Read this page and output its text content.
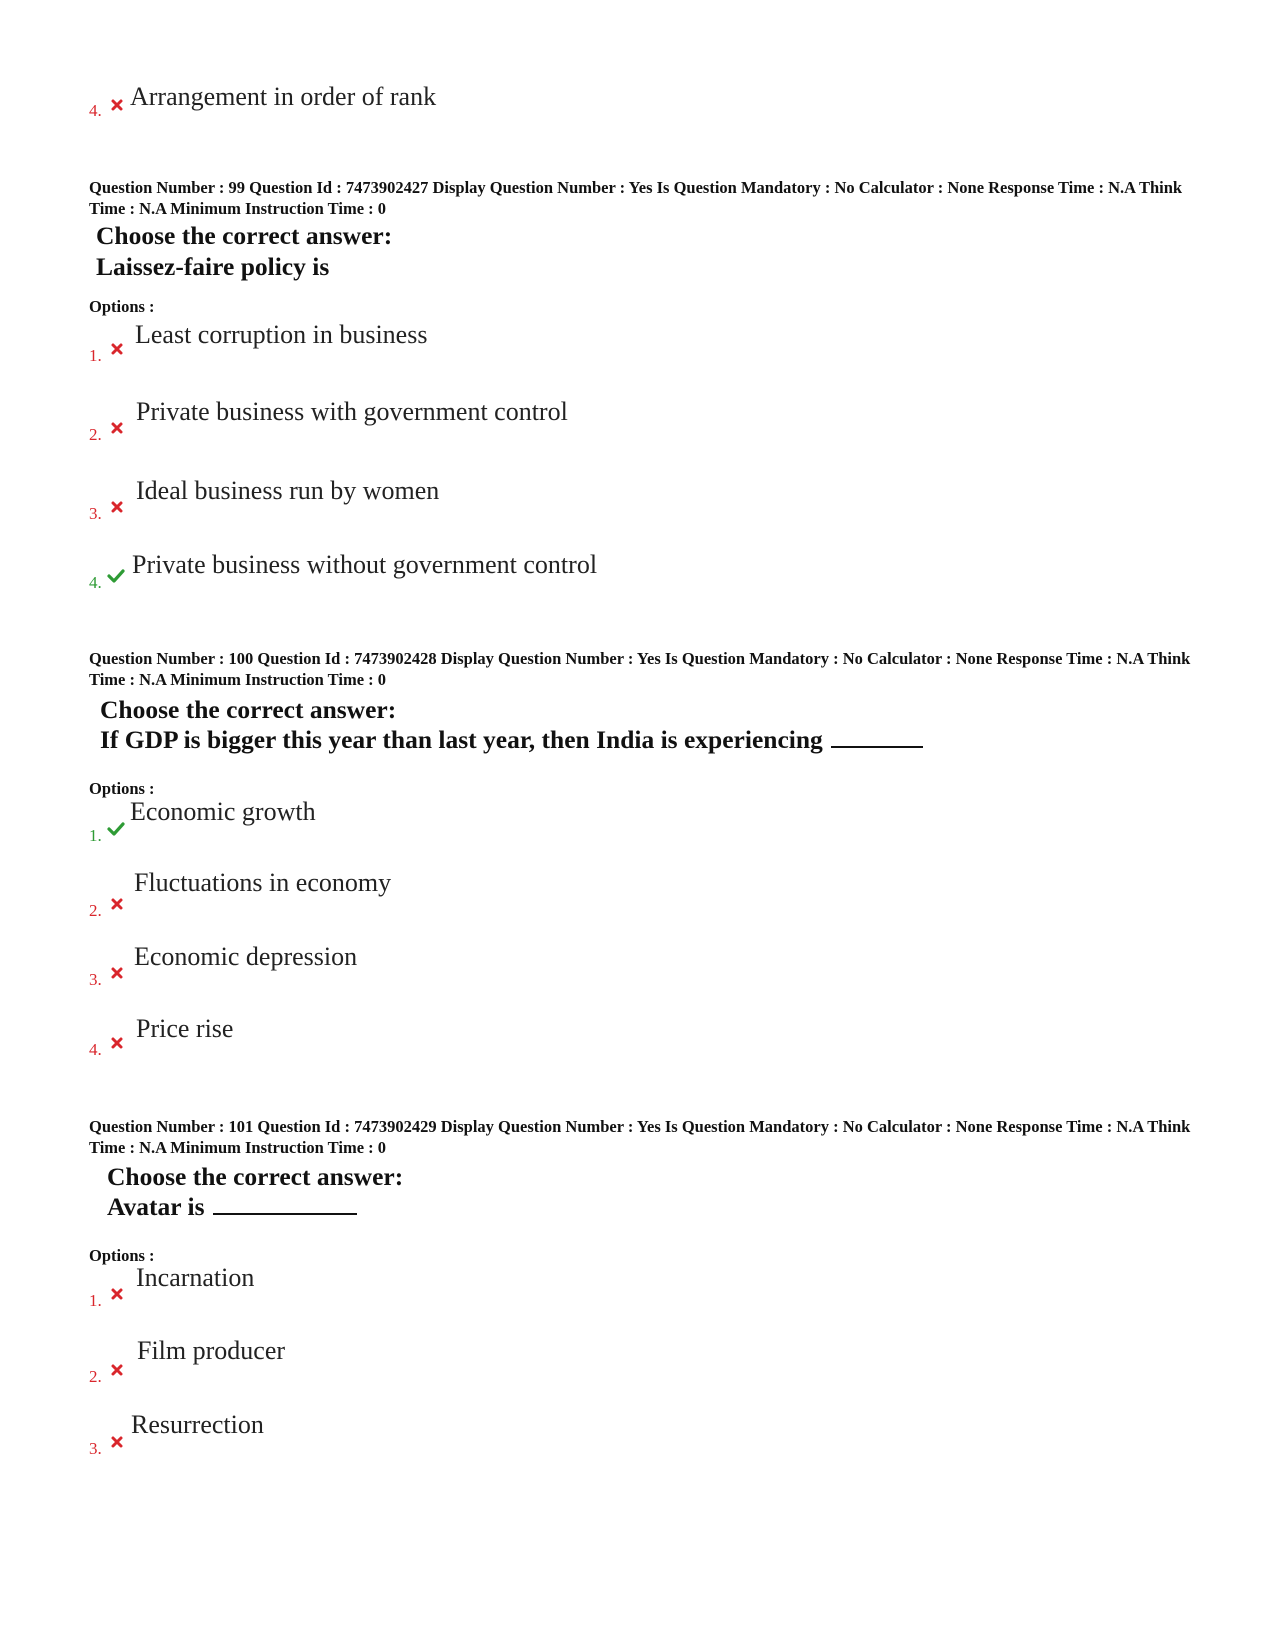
4. Arrangement in order of rank
Question Number : 99 Question Id : 7473902427 Display Question Number : Yes Is Question Mandatory : No Calculator : None Response Time : N.A Think Time : N.A Minimum Instruction Time : 0
Choose the correct answer:
Laissez-faire policy is
Options :
1.
Least corruption in business
2.
Private business with government control
3.
Ideal business run by women
4.
Private business without government control
Question Number : 100 Question Id : 7473902428 Display Question Number : Yes Is Question Mandatory : No Calculator : None Response Time : N.A Think Time : N.A Minimum Instruction Time : 0
Choose the correct answer:
If GDP is bigger this year than last year, then India is experiencing
Options :
1.
Economic growth
2.
Fluctuations in economy
3.
Economic depression
4.
Price rise
Question Number : 101 Question Id : 7473902429 Display Question Number : Yes Is Question Mandatory : No Calculator : None Response Time : N.A Think Time : N.A Minimum Instruction Time : 0
Choose the correct answer:
Avatar is
Options :
1.
Incarnation
2.
Film producer
3.
Resurrection
